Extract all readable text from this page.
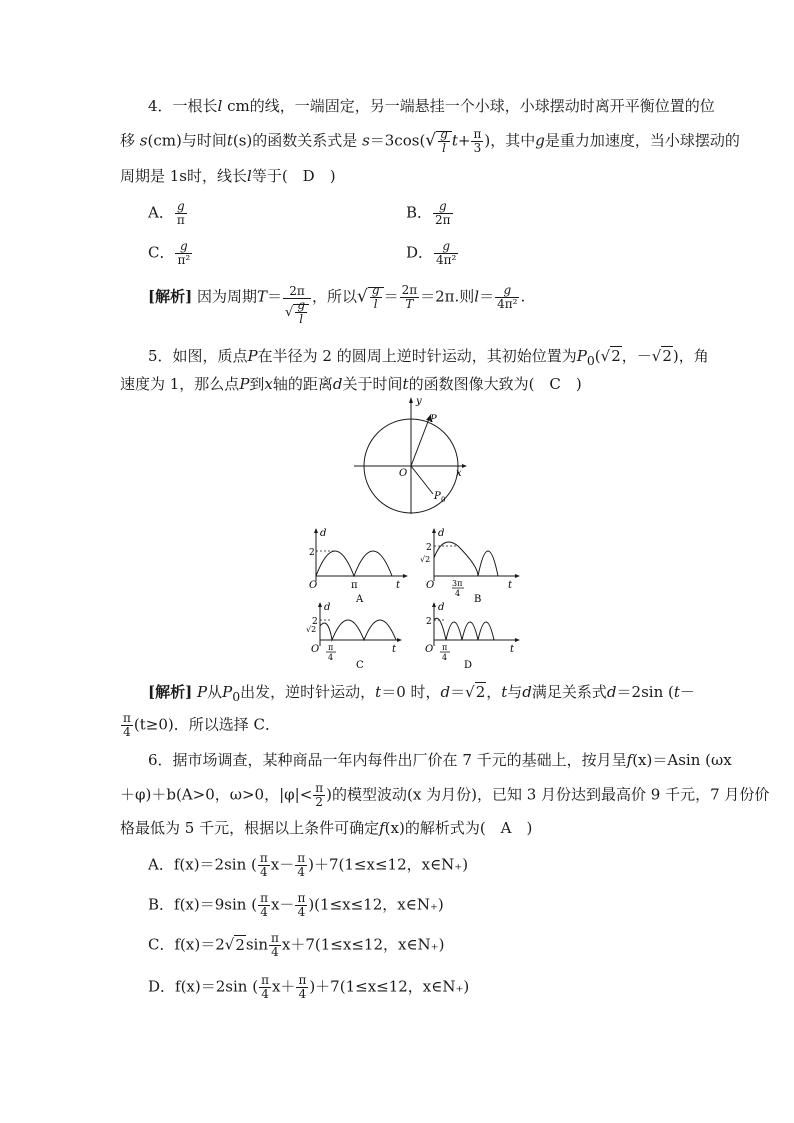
4．一根长l cm的线，一端固定，另一端悬挂一个小球，小球摆动时离开平衡位置的位
移 s(cm)与时间t(s)的函数关系式是 $s=3\cos(√ \frac{g}{l} t+ \frac{\pi}{3}$ )，其中g是重力加速度，当小球摆动的
周期是 1s时，线长l等于(　D　)
A． $\frac{g}{\pi}$	B． $\frac{g}{2\pi}$
C． $\frac{g}{\text{π²}}$	D． $\frac{g}{\text{4π²}}$
[解析] 因为周期$T= \frac{2\pi}{√ \frac{g}{l}}$ ，所以√ $\frac{g}{l} = \frac{2\pi}{T} =2\pi$.则$l= \frac{g}{\text{4π²}}$ .
5．如图，质点P在半径为 2 的圆周上逆时针运动，其初始位置为$P_0(√2$，－√2)，角
速度为 1，那么点P到x轴的距离d关于时间t的函数图像大致为(　C　)
y
x
O
P
P 0
d
t
O
2
π
A
d
t
O
2
√2
3π
4
B
d
t
O
2
√2
π
4
C
d
t
O
2
π
4
D
[解析] P从$P_0$出发，逆时针运动，t＝0 时，d＝√2，t与d满足关系式d＝2sin (t－
$\frac{\pi}{4} (t\ge 0)$．所以选择 C．
6．据市场调查，某种商品一年内每件出厂价在 7 千元的基础上，按月呈f(x)＝Asin (ωx
＋φ)＋b(A>0，ω>0，$|\varphi|< \frac{\pi}{2}$ )的模型波动(x 为月份)，已知 3 月份达到最高价 9 千元，7 月份价
格最低为 5 千元，根据以上条件可确定f(x)的解析式为(　A　)
A．f(x)＝2sin ( $\frac{\pi}{4} x- \frac{\pi}{4} )+7(1\le x\le 12$，x∈N₊)
B．f(x)＝9sin ( $\frac{\pi}{4} x- \frac{\pi}{4} )(1\le x\le 12$，x∈N₊)
C．$f(x)=2√2\sin \frac{\pi}{4} x+7(1\le x\le 12$，x∈N₊)
D．f(x)＝2sin ( $\frac{\pi}{4} x+ \frac{\pi}{4} )+7(1\le x\le 12$，x∈N₊)
